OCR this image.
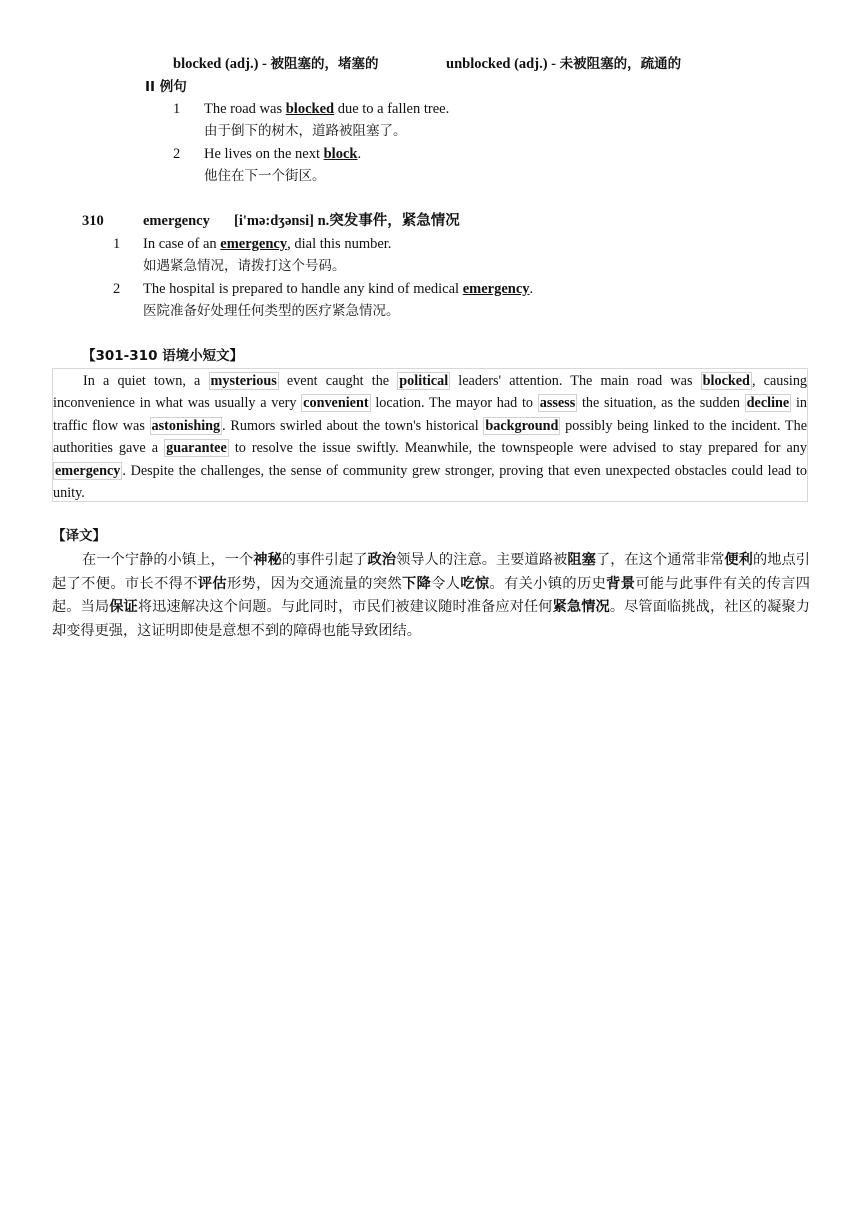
blocked (adj.) - 被阻塞的，堵塞的	unblocked (adj.) - 未被阻塞的，疏通的
II 例句
1 The road was blocked due to a fallen tree.
由于倒下的树木，道路被阻塞了。
2 He lives on the next block.
他住在下一个街区。
310	emergency [i'mə:dʒənsi] n.突发事件，紧急情况
1 In case of an emergency, dial this number.
如遇紧急情况，请拨打这个号码。
2 The hospital is prepared to handle any kind of medical emergency.
医院准备好处理任何类型的医疗紧急情况。
【301-310 语境小短文】

In a quiet town, a mysterious event caught the political leaders' attention. The main road was blocked , causing inconvenience in what was usually a very convenient location. The mayor had to assess the situation, as the sudden decline in traffic flow was astonishing . Rumors swirled about the town's historical background possibly being linked to the incident. The authorities gave a guarantee to resolve the issue swiftly. Meanwhile, the townspeople were advised to stay prepared for any emergency . Despite the challenges, the sense of community grew stronger, proving that even unexpected obstacles could lead to unity.

【译文】

在一个宁静的小镇上，一个神秘的事件引起了政治领导人的注意。主要道路被阻塞了，在这个通常非常便利的地点引起了不便。市长不得不评估形势，因为交通流量的突然下降令人吃惊。有关小镇的历史背景可能与此事件有关的传言四起。当局保证将迅速解决这个问题。与此同时，市民们被建议随时准备应对任何紧急情况。尽管面临挑战，社区的凝聚力却变得更强，这证明即使是意想不到的障碍也能导致团结。
